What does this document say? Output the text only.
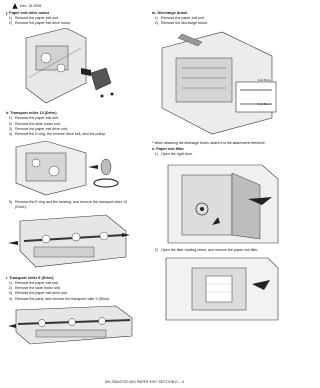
Dec. 15 2005
j. Paper exit drive motor
1) Remove the paper exit unit.
2) Remove the paper exit drive motor.
k. Transport roller 13 (Drive)
1) Remove the paper exit unit.
2) Remove the slide motor unit.
3) Remove the paper exit drive unit.
4) Remove the E-ring, the reverse drive belt, and the pulley.
5) Remove the E-ring and the bearing, and remove the transport roller 13 (Drive).
l. Transport roller 9 (Drive)
1) Remove the paper exit unit.
2) Remove the slide motor unit.
3) Remove the paper exit drive unit.
4) Remove the parts, and remove the transport roller 9 (Drive).
m. Discharge brush
1) Remove the paper exit unit.
2) Remove the discharge brush.
0~0.5mm
0~0.5mm
* When attaching the discharge brush, attach it to the attachment reference.
n. Paper exit filter
1) Open the right door.
2) Open the filter holding sheet, and remove the paper exit filter.
MX-2300/2700 N/G PAPER EXIT SECTION D – 4
